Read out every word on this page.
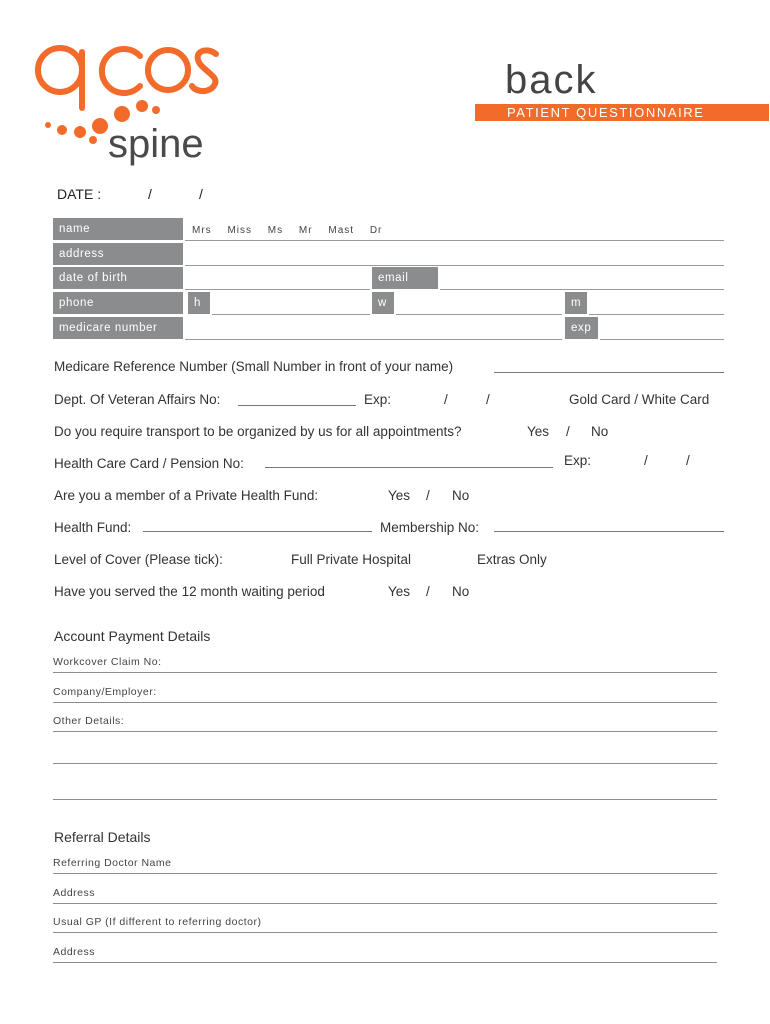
spine
back
PATIENT QUESTIONNAIRE
DATE :	/	/
name	Mrs Miss Ms Mr Mast Dr
address
date of birth	email
phone	h	w	m
medicare number	exp
Medicare Reference Number (Small Number in front of your name)
Dept. Of Veteran Affairs No:	Exp:	/	/	Gold Card / White Card
Do you require transport to be organized by us for all appointments?	Yes / No
Health Care Card / Pension No:	Exp:	/	/
Are you a member of a Private Health Fund:	Yes / No
Health Fund:	Membership No:
Level of Cover (Please tick):	Full Private Hospital	Extras Only
Have you served the 12 month waiting period	Yes / No
Account Payment Details
Workcover Claim No:
Company/Employer:
Other Details:
Referral Details
Referring Doctor Name
Address
Usual GP (If different to referring doctor)
Address
